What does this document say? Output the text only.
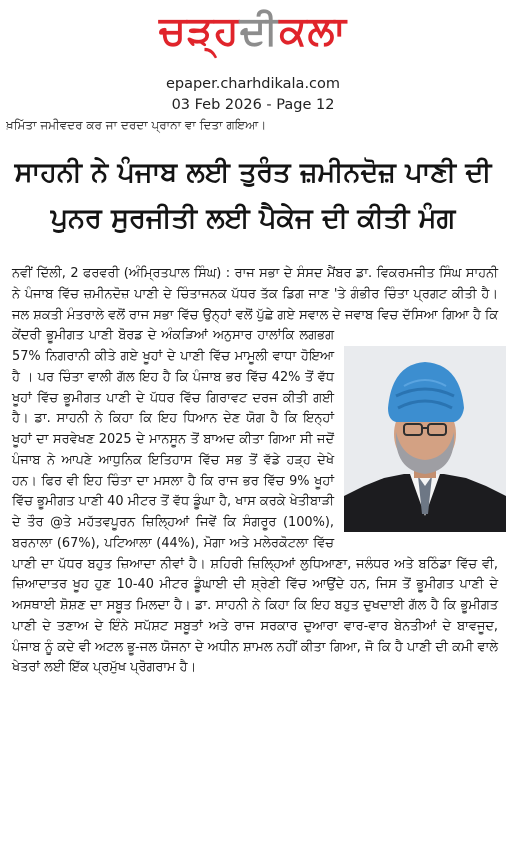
ਚੜ੍ਹਦੀਕਲਾ
epaper.charhdikala.com
03 Feb 2026 - Page 12
ਖ਼ਮਿੱਤਾ ਜਮੀਵਦਰ ਕਰ ਜਾ ਦਰਦਾ ਪ੍ਰਾਨਾ ਵਾ ਦਿਤਾ ਗਇਆ।
ਸਾਹਨੀ ਨੇ ਪੰਜਾਬ ਲਈ ਤੁਰੰਤ ਜ਼ਮੀਨਦੋਜ਼ ਪਾਣੀ ਦੀ ਪੁਨਰ ਸੁਰਜੀਤੀ ਲਈ ਪੈਕੇਜ ਦੀ ਕੀਤੀ ਮੰਗ
ਨਵੀਂ ਦਿੱਲੀ, 2 ਫਰਵਰੀ (ਅੰਮ੍ਰਿਤਪਾਲ ਸਿੰਘ) : ਰਾਜ ਸਭਾ ਦੇ ਸੰਸਦ ਮੈਂਬਰ ਡਾ. ਵਿਕਰਮਜੀਤ ਸਿੰਘ ਸਾਹਨੀ ਨੇ ਪੰਜਾਬ ਵਿੱਚ ਜ਼ਮੀਨਦੋਜ਼ ਪਾਣੀ ਦੇ ਚਿੰਤਾਜਨਕ ਪੱਧਰ ਤੱਕ ਡਿਗ ਜਾਣ 'ਤੇ ਗੰਭੀਰ ਚਿੰਤਾ ਪ੍ਰਗਟ ਕੀਤੀ ਹੈ। ਜਲ ਸ਼ਕਤੀ ਮੰਤਰਾਲੇ ਵਲੋਂ ਰਾਜ ਸਭਾ ਵਿੱਚ ਉਨ੍ਹਾਂ ਵਲੋਂ ਪੁੱਛੇ ਗਏ ਸਵਾਲ ਦੇ ਜਵਾਬ ਵਿਚ ਦੱਸਿਆ ਗਿਆ ਹੈ ਕਿ ਕੇਂਦਰੀ ਭੂਮੀਗਤ ਪਾਣੀ ਬੋਰਡ ਦੇ ਅੰਕੜਿਆਂ ਅਨੁਸਾਰ ਹਾਲਾਂਕਿ ਲਗਭਗ 57% ਨਿਗਰਾਨੀ ਕੀਤੇ ਗਏ ਖੂਹਾਂ ਦੇ ਪਾਣੀ ਵਿੱਚ ਮਾਮੂਲੀ ਵਾਧਾ ਹੋਇਆ ਹੈ । ਪਰ ਚਿੰਤਾ ਵਾਲੀ ਗੱਲ ਇਹ ਹੈ ਕਿ ਪੰਜਾਬ ਭਰ ਵਿੱਚ 42% ਤੋਂ ਵੱਧ ਖੂਹਾਂ ਵਿੱਚ ਭੂਮੀਗਤ ਪਾਣੀ ਦੇ ਪੱਧਰ ਵਿੱਚ ਗਿਰਾਵਟ ਦਰਜ ਕੀਤੀ ਗਈ ਹੈ। ਡਾ. ਸਾਹਨੀ ਨੇ ਕਿਹਾ ਕਿ ਇਹ ਧਿਆਨ ਦੇਣ ਯੋਗ ਹੈ ਕਿ ਇਨ੍ਹਾਂ ਖੂਹਾਂ ਦਾ ਸਰਵੇਖਣ 2025 ਦੇ ਮਾਨਸੂਨ ਤੋਂ ਬਾਅਦ ਕੀਤਾ ਗਿਆ ਸੀ ਜਦੋਂ ਪੰਜਾਬ ਨੇ ਆਪਣੇ ਆਧੁਨਿਕ ਇਤਿਹਾਸ ਵਿੱਚ ਸਭ ਤੋਂ ਵੱਡੇ ਹੜ੍ਹ ਦੇਖੇ ਹਨ। ਫਿਰ ਵੀ ਇਹ ਚਿੰਤਾ ਦਾ ਮਸਲਾ ਹੈ ਕਿ ਰਾਜ ਭਰ ਵਿੱਚ 9% ਖੂਹਾਂ ਵਿੱਚ ਭੂਮੀਗਤ ਪਾਣੀ 40 ਮੀਟਰ ਤੋਂ ਵੱਧ ਡੂੰਘਾ ਹੈ, ਖਾਸ ਕਰਕੇ ਖੇਤੀਬਾੜੀ ਦੇ ਤੌਰ @ਤੇ ਮਹੱਤਵਪੂਰਨ ਜ਼ਿਲ੍ਹਿਆਂ ਜਿਵੇਂ ਕਿ ਸੰਗਰੂਰ (100%), ਬਰਨਾਲਾ (67%), ਪਟਿਆਲਾ (44%), ਮੋਗਾ ਅਤੇ ਮਲੇਰਕੋਟਲਾ ਵਿੱਚ ਪਾਣੀ ਦਾ ਪੱਧਰ ਬਹੁਤ ਜ਼ਿਆਦਾ ਨੀਵਾਂ ਹੈ। ਸ਼ਹਿਰੀ ਜ਼ਿਲ੍ਹਿਆਂ ਲੁਧਿਆਣਾ, ਜਲੰਧਰ ਅਤੇ ਬਠਿੰਡਾ ਵਿੱਚ ਵੀ, ਜ਼ਿਆਦਾਤਰ ਖੂਹ ਹੁਣ 10-40 ਮੀਟਰ ਡੂੰਘਾਈ ਦੀ ਸ਼੍ਰੇਣੀ ਵਿੱਚ ਆਉਂਦੇ ਹਨ, ਜਿਸ ਤੋਂ ਭੂਮੀਗਤ ਪਾਣੀ ਦੇ ਅਸਥਾਈ ਸ਼ੋਸ਼ਣ ਦਾ ਸਬੂਤ ਮਿਲਦਾ ਹੈ। ਡਾ. ਸਾਹਨੀ ਨੇ ਕਿਹਾ ਕਿ ਇਹ ਬਹੁਤ ਦੁਖਦਾਈ ਗੱਲ ਹੈ ਕਿ ਭੂਮੀਗਤ ਪਾਣੀ ਦੇ ਤਣਾਅ ਦੇ ਇੰਨੇ ਸਪੱਸ਼ਟ ਸਬੂਤਾਂ ਅਤੇ ਰਾਜ ਸਰਕਾਰ ਦੁਆਰਾ ਵਾਰ-ਵਾਰ ਬੇਨਤੀਆਂ ਦੇ ਬਾਵਜੂਦ, ਪੰਜਾਬ ਨੂੰ ਕਦੇ ਵੀ ਅਟਲ ਭੂ-ਜਲ ਯੋਜਨਾ ਦੇ ਅਧੀਨ ਸ਼ਾਮਲ ਨਹੀਂ ਕੀਤਾ ਗਿਆ, ਜੋ ਕਿ ਹੈ ਪਾਣੀ ਦੀ ਕਮੀ ਵਾਲੇ ਖੇਤਰਾਂ ਲਈ ਇੱਕ ਪ੍ਰਮੁੱਖ ਪ੍ਰੋਗਰਾਮ ਹੈ।
